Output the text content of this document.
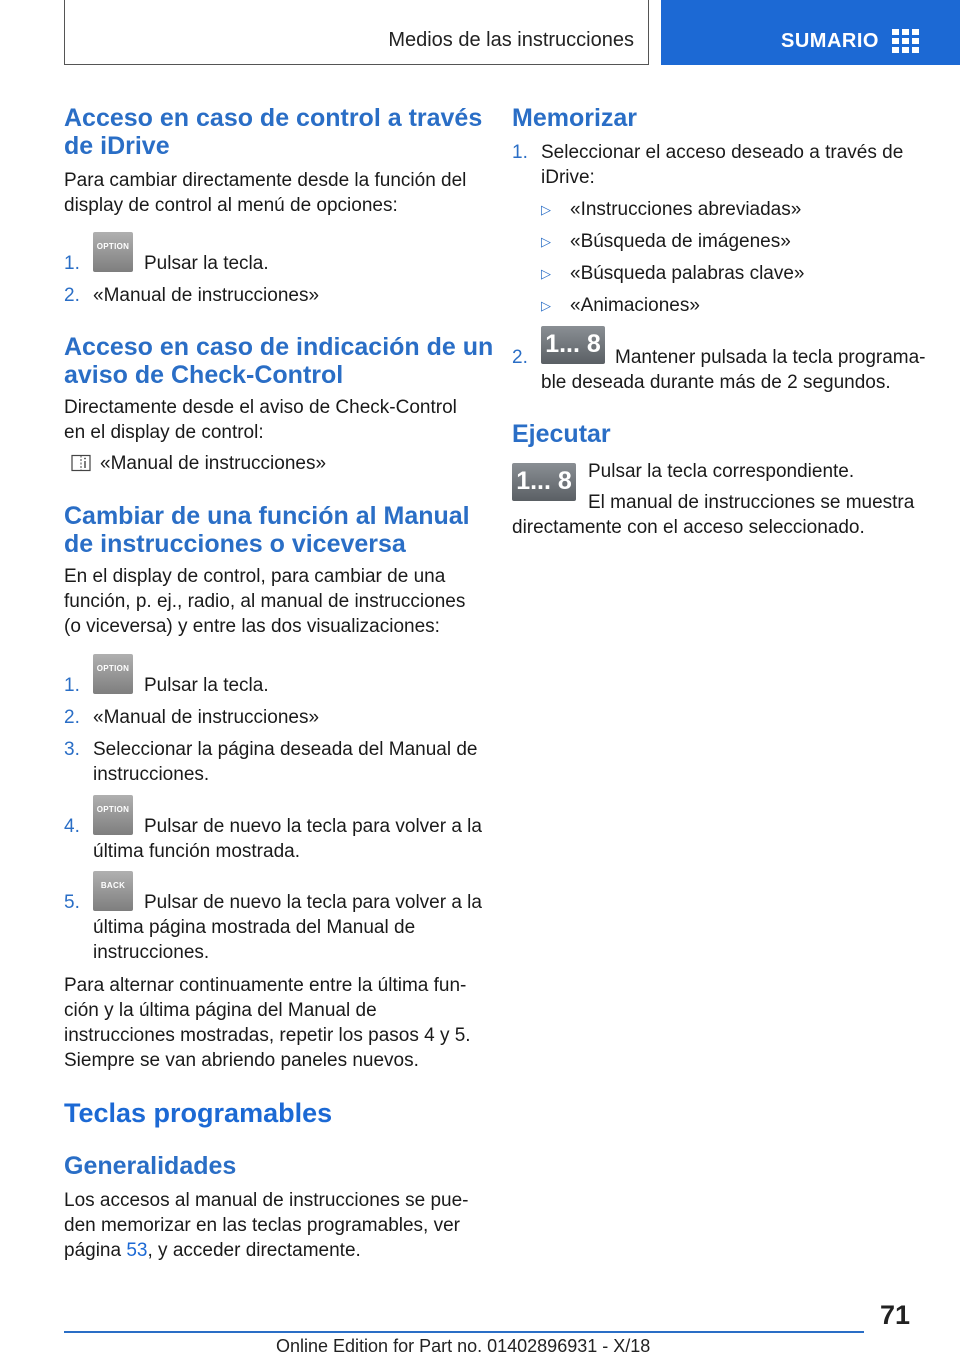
Medios de las instrucciones	SUMARIO
Acceso en caso de control a través
de iDrive
Para cambiar directamente desde la función del
display de control al menú de opciones:
1.
OPTION
Pulsar la tecla.
2. «Manual de instrucciones»
Acceso en caso de indicación de un
aviso de Check-Control
Directamente desde el aviso de Check-Control
en el display de control:
«Manual de instrucciones»
Cambiar de una función al Manual
de instrucciones o viceversa
En el display de control, para cambiar de una
función, p. ej., radio, al manual de instrucciones
(o viceversa) y entre las dos visualizaciones:
1.
OPTION
Pulsar la tecla.
2. «Manual de instrucciones»
3. Seleccionar la página deseada del Manual de
instrucciones.
4.
OPTION
Pulsar de nuevo la tecla para volver a la
última función mostrada.
5.
BACK
Pulsar de nuevo la tecla para volver a la
última página mostrada del Manual de
instrucciones.
Para alternar continuamente entre la última fun-
ción y la última página del Manual de
instrucciones mostradas, repetir los pasos 4 y 5.
Siempre se van abriendo paneles nuevos.
Teclas programables
Generalidades
Los accesos al manual de instrucciones se pue-
den memorizar en las teclas programables, ver
página 53, y acceder directamente.
Memorizar
1. Seleccionar el acceso deseado a través de
iDrive:
▷ «Instrucciones abreviadas»
▷ «Búsqueda de imágenes»
▷ «Búsqueda palabras clave»
▷ «Animaciones»
2. 1... 8 Mantener pulsada la tecla programa-
ble deseada durante más de 2 segundos.
Ejecutar
1... 8 Pulsar la tecla correspondiente.
El manual de instrucciones se muestra
directamente con el acceso seleccionado.
71
Online Edition for Part no. 01402896931 - X/18
